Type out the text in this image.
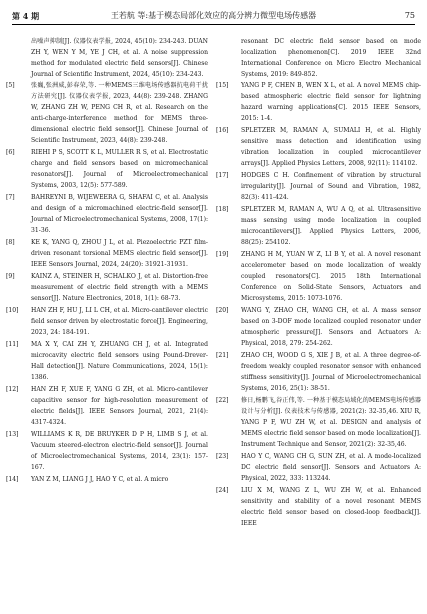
第 4 期	王若航 等:基于模态局部化效应的高分辨力微型电场传感器	75
出噪声抑制[J]. 仪器仪表学报, 2024, 45(10): 234-243. DUAN ZH Y, WEN Y M, YE J CH, et al. A noise suppression method for modulated electric field sensors[J]. Chinese Journal of Scientific Instrument, 2024, 45(10): 234-243.
[5]	张巍,张洲威,彭春荣,等. 一种MEMS三维电场传感器抗电荷干扰方法研究[J]. 仪器仪表学报, 2023, 44(8): 239-248. ZHANG W, ZHANG ZH W, PENG CH R, et al. Research on the anti-charge-interference method for MEMS three-dimensional electric field sensor[J]. Chinese Journal of Scientific Instrument, 2023, 44(8): 239-248.
[6]	RIEHI P S, SCOTT K L, MULLER R S, et al. Electrostatic charge and field sensors based on micromechanical resonators[J]. Journal of Microelectromechanical Systems, 2003, 12(5): 577-589.
[7]	BAHREYNI B, WIJEWEERA G, SHAFAI C, et al. Analysis and design of a micromachined electric-field sensor[J]. Journal of Microelectromechanical Systems, 2008, 17(1): 31-36.
[8]	KE K, YANG Q, ZHOU J L, et al. Piezoelectric PZT film-driven resonant torsional MEMS electric field sensor[J]. IEEE Sensors Journal, 2024, 24(20): 31921-31931.
[9]	KAINZ A, STEINER H, SCHALKO J, et al. Distortion-free measurement of electric field strength with a MEMS sensor[J]. Nature Electronics, 2018, 1(1): 68-73.
[10] HAN ZH F, HU J, LI L CH, et al. Micro-cantilever electric field sensor driven by electrostatic force[J]. Engineering, 2023, 24: 184-191.
[11] MA X Y, CAI ZH Y, ZHUANG CH J, et al. Integrated microcavity electric field sensors using Pound-Drever-Hall detection[J]. Nature Communications, 2024, 15(1): 1386.
[12] HAN ZH F, XUE F, YANG G ZH, et al. Micro-cantilever capacitive sensor for high-resolution measurement of electric fields[J]. IEEE Sensors Journal, 2021, 21(4): 4317-4324.
[13] WILLIAMS K R, DE BRUYKER D P H, LIMB S J, et al. Vacuum steered-electron electric-field sensor[J]. Journal of Microelectromechanical Systems, 2014, 23(1): 157-167.
[14] YAN Z M, LIANG J J, HAO Y C, et al. A micro
resonant DC electric field sensor based on mode localization phenomenon[C]. 2019 IEEE 32nd International Conference on Micro Electro Mechanical Systems, 2019: 849-852.
[15] YANG P F, CHEN B, WEN X L, et al. A novel MEMS chip-based atmospheric electric field sensor for lightning hazard warning applications[C]. 2015 IEEE Sensors, 2015: 1-4.
[16] SPLETZER M, RAMAN A, SUMALI H, et al. Highly sensitive mass detection and identification using vibration localization in coupled microcantilever arrays[J]. Applied Physics Letters, 2008, 92(11): 114102.
[17] HODGES C H. Confinement of vibration by structural irregularity[J]. Journal of Sound and Vibration, 1982, 82(3): 411-424.
[18] SPLETZER M, RAMAN A, WU A Q, et al. Ultrasensitive mass sensing using mode localization in coupled microcantilevers[J]. Applied Physics Letters, 2006, 88(25): 254102.
[19] ZHANG H M, YUAN W Z, LI B Y, et al. A novel resonant accelerometer based on mode localization of weakly coupled resonators[C]. 2015 18th International Conference on Solid-State Sensors, Actuators and Microsystems, 2015: 1073-1076.
[20] WANG Y, ZHAO CH, WANG CH, et al. A mass sensor based on 3-DOF mode localized coupled resonator under atmospheric pressure[J]. Sensors and Actuators A: Physical, 2018, 279: 254-262.
[21] ZHAO CH, WOOD G S, XIE J B, et al. A three degree-of-freedom weakly coupled resonator sensor with enhanced stiffness sensitivity[J]. Journal of Microelectromechanical Systems, 2016, 25(1): 38-51.
[22] 修日,杨鹏飞,谷正伟,等. 一种基于模态局域化的MEMS电场传感器设计与分析[J]. 仪表技术与传感器, 2021(2): 32-35,46. XIU R, YANG P F, WU ZH W, et al. DESIGN and analysis of MEMS electric field sensor based on mode localization[J]. Instrument Technique and Sensor, 2021(2): 32-35,46.
[23] HAO Y C, WANG CH G, SUN ZH, et al. A mode-localized DC electric field sensor[J]. Sensors and Actuators A: Physical, 2022, 333: 113244.
[24] LIU X M, WANG Z L, WU ZH W, et al. Enhanced sensitivity and stability of a novel resonant MEMS electric field sensor based on closed-loop feedback[J]. IEEE
